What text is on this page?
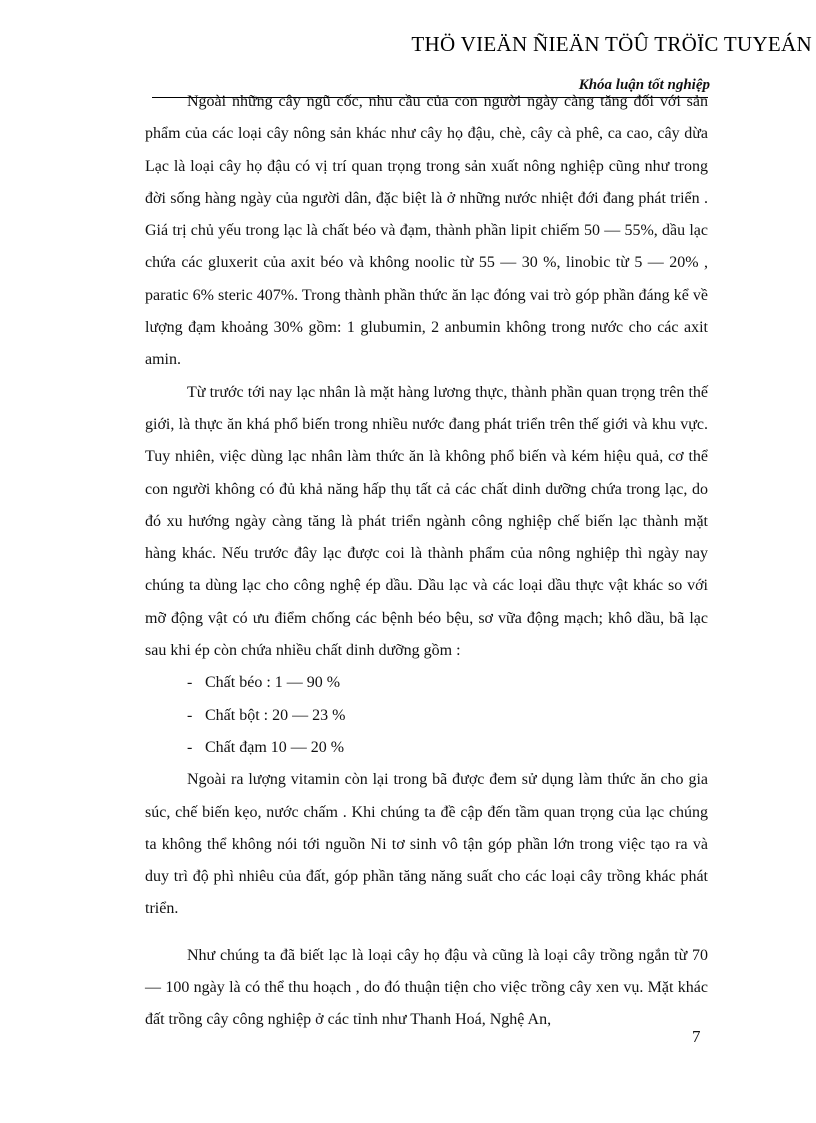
THÖ VIEÄN ÑIEÄN TÖÛ TRÖÏC TUYEÁN
Khóa luận tốt nghiệp

Ngoài những cây ngũ cốc, nhu cầu của con người ngày càng tăng đối với sản phẩm của các loại cây nông sản khác như cây họ đậu, chè, cây cà phê, ca cao, cây dừa Lạc là loại cây họ đậu có vị trí quan trọng trong sản xuất nông nghiệp cũng như trong đời sống hàng ngày của người dân, đặc biệt là ở những nước nhiệt đới đang phát triển . Giá trị chủ yếu trong lạc là chất béo và đạm, thành phần lipit chiếm 50 — 55%, dầu lạc chứa các gluxerit của axit béo và không noolic từ 55 — 30 %, linobic từ 5 — 20% , paratic 6% steric 407%. Trong thành phần thức ăn lạc đóng vai trò góp phần đáng kể về lượng đạm khoảng 30% gồm: 1 glubumin, 2 anbumin không trong nước cho các axit amin.

Từ trước tới nay lạc nhân là mặt hàng lương thực, thành phần quan trọng trên thế giới, là thực ăn khá phổ biến trong nhiều nước đang phát triển trên thế giới và khu vực. Tuy nhiên, việc dùng lạc nhân làm thức ăn là không phổ biến và kém hiệu quả, cơ thể con người không có đủ khả năng hấp thụ tất cả các chất dinh dưỡng chứa trong lạc, do đó xu hướng ngày càng tăng là phát triển ngành công nghiệp chế biến lạc thành mặt hàng khác. Nếu trước đây lạc được coi là thành phẩm của nông nghiệp thì ngày nay chúng ta dùng lạc cho công nghệ ép dầu. Dầu lạc và các loại dầu thực vật khác so với mỡ động vật có ưu điểm chống các bệnh béo bệu, sơ vữa động mạch; khô dầu, bã lạc sau khi ép còn chứa nhiều chất dinh dưỡng gồm :

- Chất béo : 1 — 90 %
- Chất bột : 20 — 23 %
- Chất đạm 10 — 20 %

Ngoài ra lượng vitamin còn lại trong bã được đem sử dụng làm thức ăn cho gia súc, chế biến kẹo, nước chấm . Khi chúng ta đề cập đến tầm quan trọng của lạc chúng ta không thể không nói tới nguồn Ni tơ sinh vô tận góp phần lớn trong việc tạo ra và duy trì độ phì nhiêu của đất, góp phần tăng năng suất cho các loại cây trồng khác phát triển.

Như chúng ta đã biết lạc là loại cây họ đậu và cũng là loại cây trồng ngắn từ 70 — 100 ngày là có thể thu hoạch , do đó thuận tiện cho việc trồng cây xen vụ. Mặt khác đất trồng cây công nghiệp ở các tỉnh như Thanh Hoá, Nghệ An,

7
